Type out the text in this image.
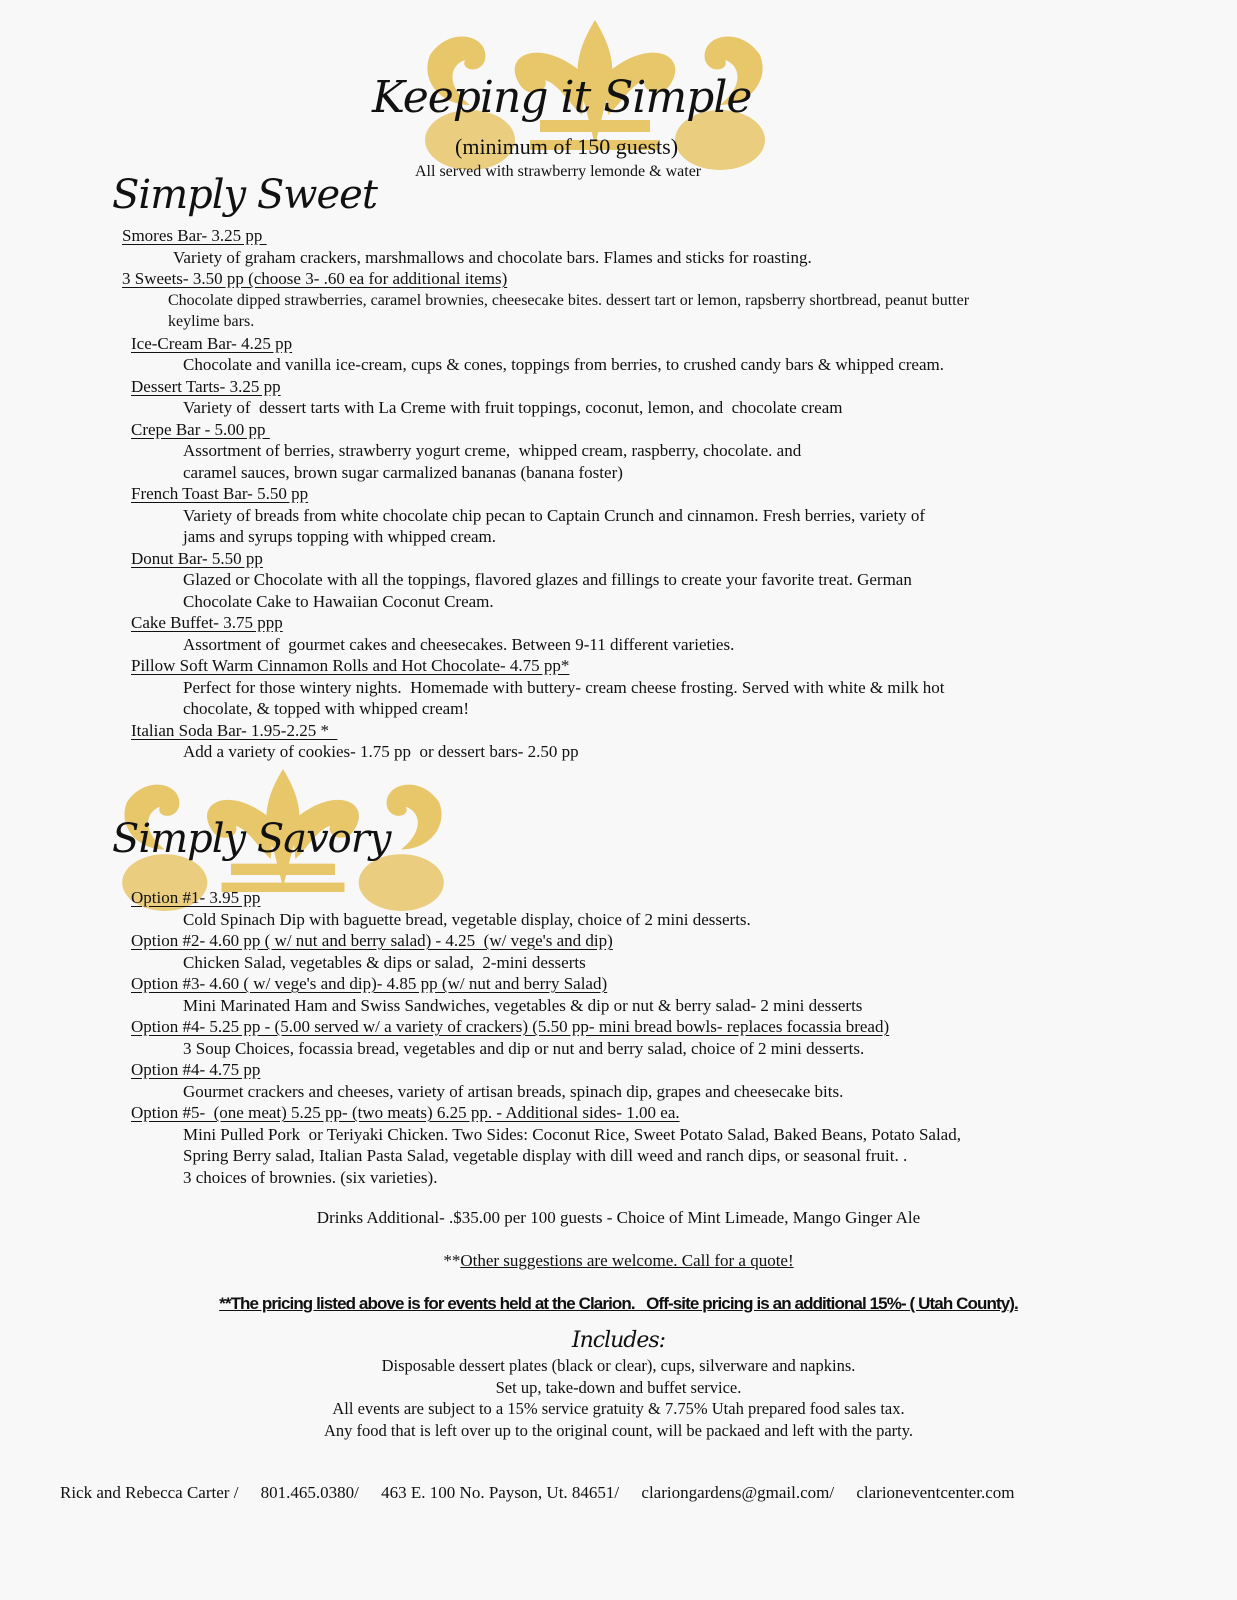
Keeping it Simple
(minimum of 150 guests)
All served with strawberry lemonde & water
Simply Sweet
Smores Bar- 3.25 pp
Variety of graham crackers, marshmallows and chocolate bars. Flames and sticks for roasting.
3 Sweets- 3.50 pp (choose 3- .60 ea for additional items)
Chocolate dipped strawberries, caramel brownies, cheesecake bites. dessert tart or lemon, rapsberry shortbread, peanut butter
keylime bars.
Ice-Cream Bar- 4.25 pp
Chocolate and vanilla ice-cream, cups & cones, toppings from berries, to crushed candy bars & whipped cream.
Dessert Tarts- 3.25 pp
Variety of  dessert tarts with La Creme with fruit toppings, coconut, lemon, and  chocolate cream
Crepe Bar - 5.00 pp
Assortment of berries, strawberry yogurt creme,  whipped cream, raspberry, chocolate. and
caramel sauces, brown sugar carmalized bananas (banana foster)
French Toast Bar- 5.50 pp
Variety of breads from white chocolate chip pecan to Captain Crunch and cinnamon. Fresh berries, variety of
jams and syrups topping with whipped cream.
Donut Bar- 5.50 pp
Glazed or Chocolate with all the toppings, flavored glazes and fillings to create your favorite treat. German
Chocolate Cake to Hawaiian Coconut Cream.
Cake Buffet- 3.75 ppp
Assortment of  gourmet cakes and cheesecakes. Between 9-11 different varieties.
Pillow Soft Warm Cinnamon Rolls and Hot Chocolate- 4.75 pp*
Perfect for those wintery nights.  Homemade with buttery- cream cheese frosting. Served with white & milk hot
chocolate, & topped with whipped cream!
Italian Soda Bar- 1.95-2.25 *
Add a variety of cookies- 1.75 pp  or dessert bars- 2.50 pp
Simply Savory
Option #1- 3.95 pp
Cold Spinach Dip with baguette bread, vegetable display, choice of 2 mini desserts.
Option #2- 4.60 pp ( w/ nut and berry salad) - 4.25  (w/ vege's and dip)
Chicken Salad, vegetables & dips or salad,  2-mini desserts
Option #3- 4.60 ( w/ vege's and dip)- 4.85 pp (w/ nut and berry Salad)
Mini Marinated Ham and Swiss Sandwiches, vegetables & dip or nut & berry salad- 2 mini desserts
Option #4- 5.25 pp - (5.00 served w/ a variety of crackers) (5.50 pp- mini bread bowls- replaces focassia bread)
3 Soup Choices, focassia bread, vegetables and dip or nut and berry salad, choice of 2 mini desserts.
Option #4- 4.75 pp
Gourmet crackers and cheeses, variety of artisan breads, spinach dip, grapes and cheesecake bits.
Option #5-  (one meat) 5.25 pp- (two meats) 6.25 pp. - Additional sides- 1.00 ea.
Mini Pulled Pork  or Teriyaki Chicken. Two Sides: Coconut Rice, Sweet Potato Salad, Baked Beans, Potato Salad,
Spring Berry salad, Italian Pasta Salad, vegetable display with dill weed and ranch dips, or seasonal fruit. .
3 choices of brownies. (six varieties).
Drinks Additional- .$35.00 per 100 guests - Choice of Mint Limeade, Mango Ginger Ale
**Other suggestions are welcome. Call for a quote!
**The pricing listed above is for events held at the Clarion.   Off-site pricing is an additional 15%- ( Utah County).
Includes:
Disposable dessert plates (black or clear), cups, silverware and napkins.
Set up, take-down and buffet service.
All events are subject to a 15% service gratuity & 7.75% Utah prepared food sales tax.
Any food that is left over up to the original count, will be packaed and left with the party.
Rick and Rebecca Carter / 801.465.0380/ 463 E. 100 No. Payson, Ut. 84651/ clariongardens@gmail.com/ clarioneventcenter.com
